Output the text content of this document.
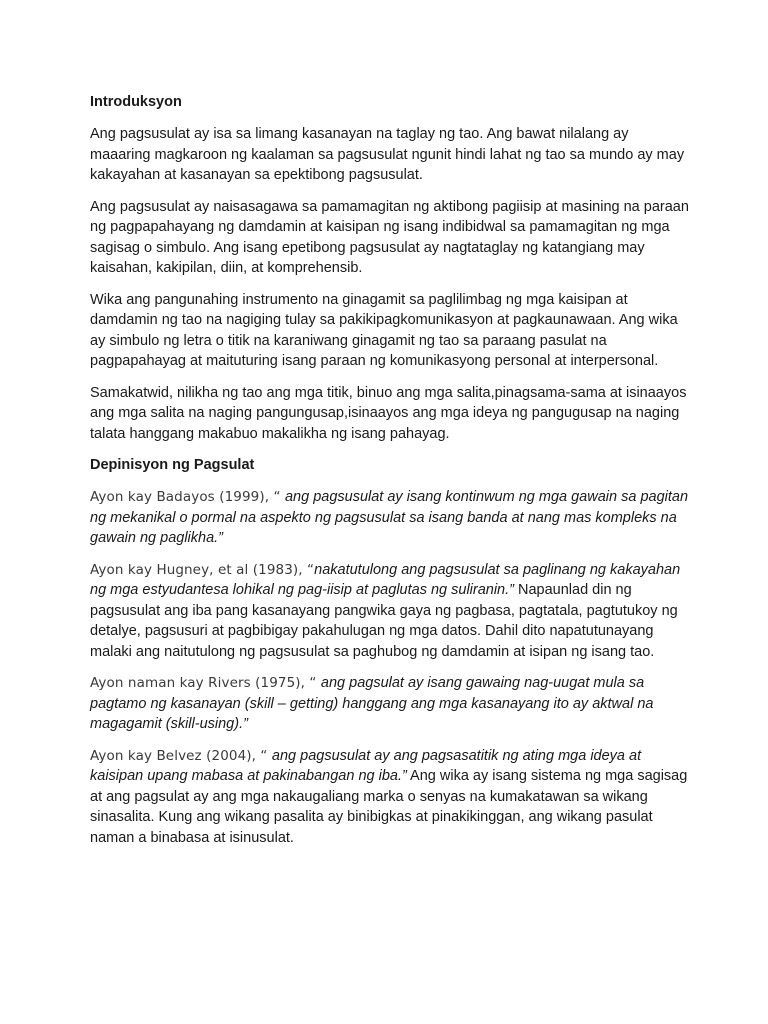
Introduksyon

Ang pagsusulat ay isa sa limang kasanayan na taglay ng tao. Ang bawat nilalang ay maaaring magkaroon ng kaalaman sa pagsusulat ngunit hindi lahat ng tao sa mundo ay may kakayahan at kasanayan sa epektibong pagsusulat.

Ang pagsusulat ay naisasagawa sa pamamagitan ng aktibong pagiisip at masining na paraan ng pagpapahayang ng damdamin at kaisipan ng isang indibidwal sa pamamagitan ng mga sagisag o simbulo. Ang isang epetibong pagsusulat ay nagtataglay ng katangiang may kaisahan, kakipilan, diin, at komprehensib.

Wika ang pangunahing instrumento na ginagamit sa paglilimbag ng mga kaisipan at damdamin ng tao na nagiging tulay sa pakikipagkomunikasyon at pagkaunawaan. Ang wika ay simbulo ng letra o titik na karaniwang ginagamit ng tao sa paraang pasulat na pagpapahayag at maituturing isang paraan ng komunikasyong personal at interpersonal.

Samakatwid, nilikha ng tao ang mga titik, binuo ang mga salita,pinagsama-sama at isinaayos ang mga salita na naging pangungusap,isinaayos ang mga ideya ng pangugusap na naging talata hanggang makabuo makalikha ng isang pahayag.

Depinisyon ng Pagsulat

Ayon kay Badayos (1999), “ ang pagsusulat ay isang kontinwum ng mga gawain sa pagitan ng mekanikal o pormal na aspekto ng pagsusulat sa isang banda at nang mas kompleks na gawain ng paglikha.”

Ayon kay Hugney, et al (1983), “nakatutulong ang pagsusulat sa paglinang ng kakayahan ng mga estyudantesa lohikal ng pag-iisip at paglutas ng suliranin.” Napaunlad din ng pagsusulat ang iba pang kasanayang pangwika gaya ng pagbasa, pagtatala, pagtutukoy ng detalye, pagsusuri at pagbibigay pakahulugan ng mga datos. Dahil dito napatutunayang malaki ang naitutulong ng pagsusulat sa paghubog ng damdamin at isipan ng isang tao.

Ayon naman kay Rivers (1975), “ ang pagsulat ay isang gawaing nag-uugat mula sa pagtamo ng kasanayan (skill – getting) hanggang ang mga kasanayang ito ay aktwal na magagamit (skill-using).”

Ayon kay Belvez (2004), “ ang pagsusulat ay ang pagsasatitik ng ating mga ideya at kaisipan upang mabasa at pakinabangan ng iba.” Ang wika ay isang sistema ng mga sagisag at ang pagsulat ay ang mga nakaugaliang marka o senyas na kumakatawan sa wikang sinasalita. Kung ang wikang pasalita ay binibigkas at pinakikinggan, ang wikang pasulat naman a binabasa at isinusulat.
